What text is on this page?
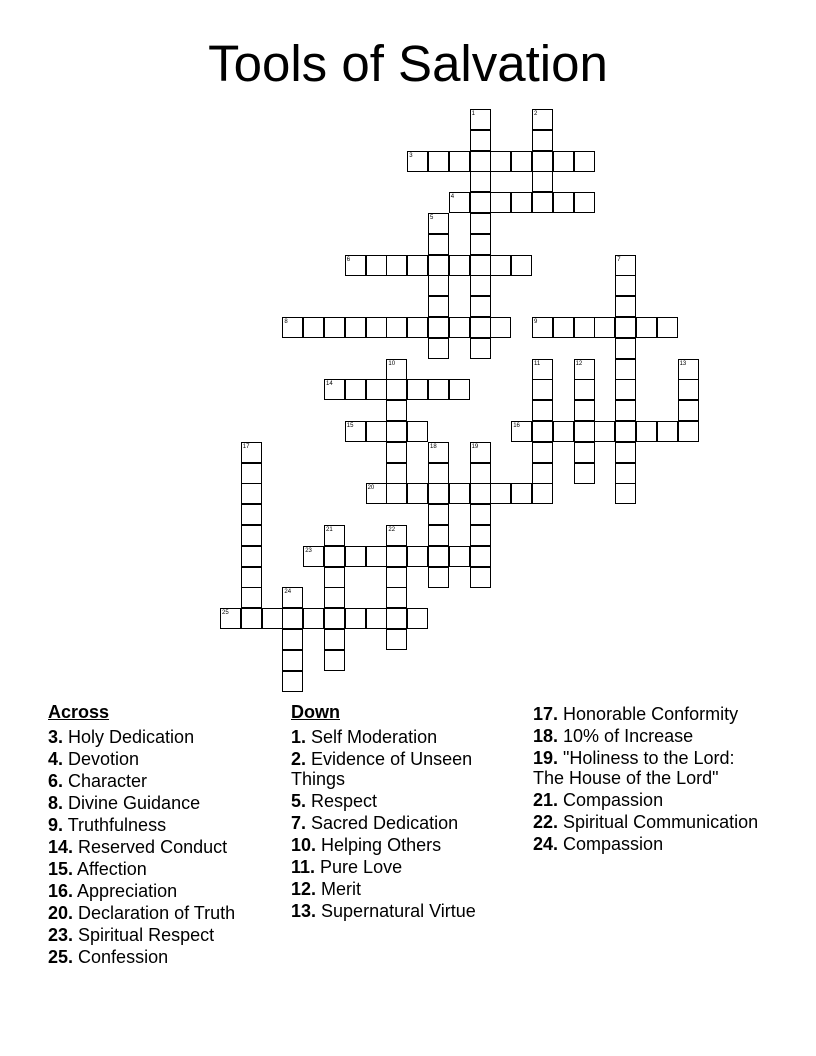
Tools of Salvation
1	2
3
4
5
6	7
8	9
10	11	12	13
14
15	16
17	18	19
20
21	22
23
24
25
Across
3. Holy Dedication
4. Devotion
6. Character
8. Divine Guidance
9. Truthfulness
14. Reserved Conduct
15. Affection
16. Appreciation
20. Declaration of Truth
23. Spiritual Respect
25. Confession
Down
1. Self Moderation
2. Evidence of Unseen Things
5. Respect
7. Sacred Dedication
10. Helping Others
11. Pure Love
12. Merit
13. Supernatural Virtue
17. Honorable Conformity
18. 10% of Increase
19. "Holiness to the Lord: The House of the Lord"
21. Compassion
22. Spiritual Communication
24. Compassion
